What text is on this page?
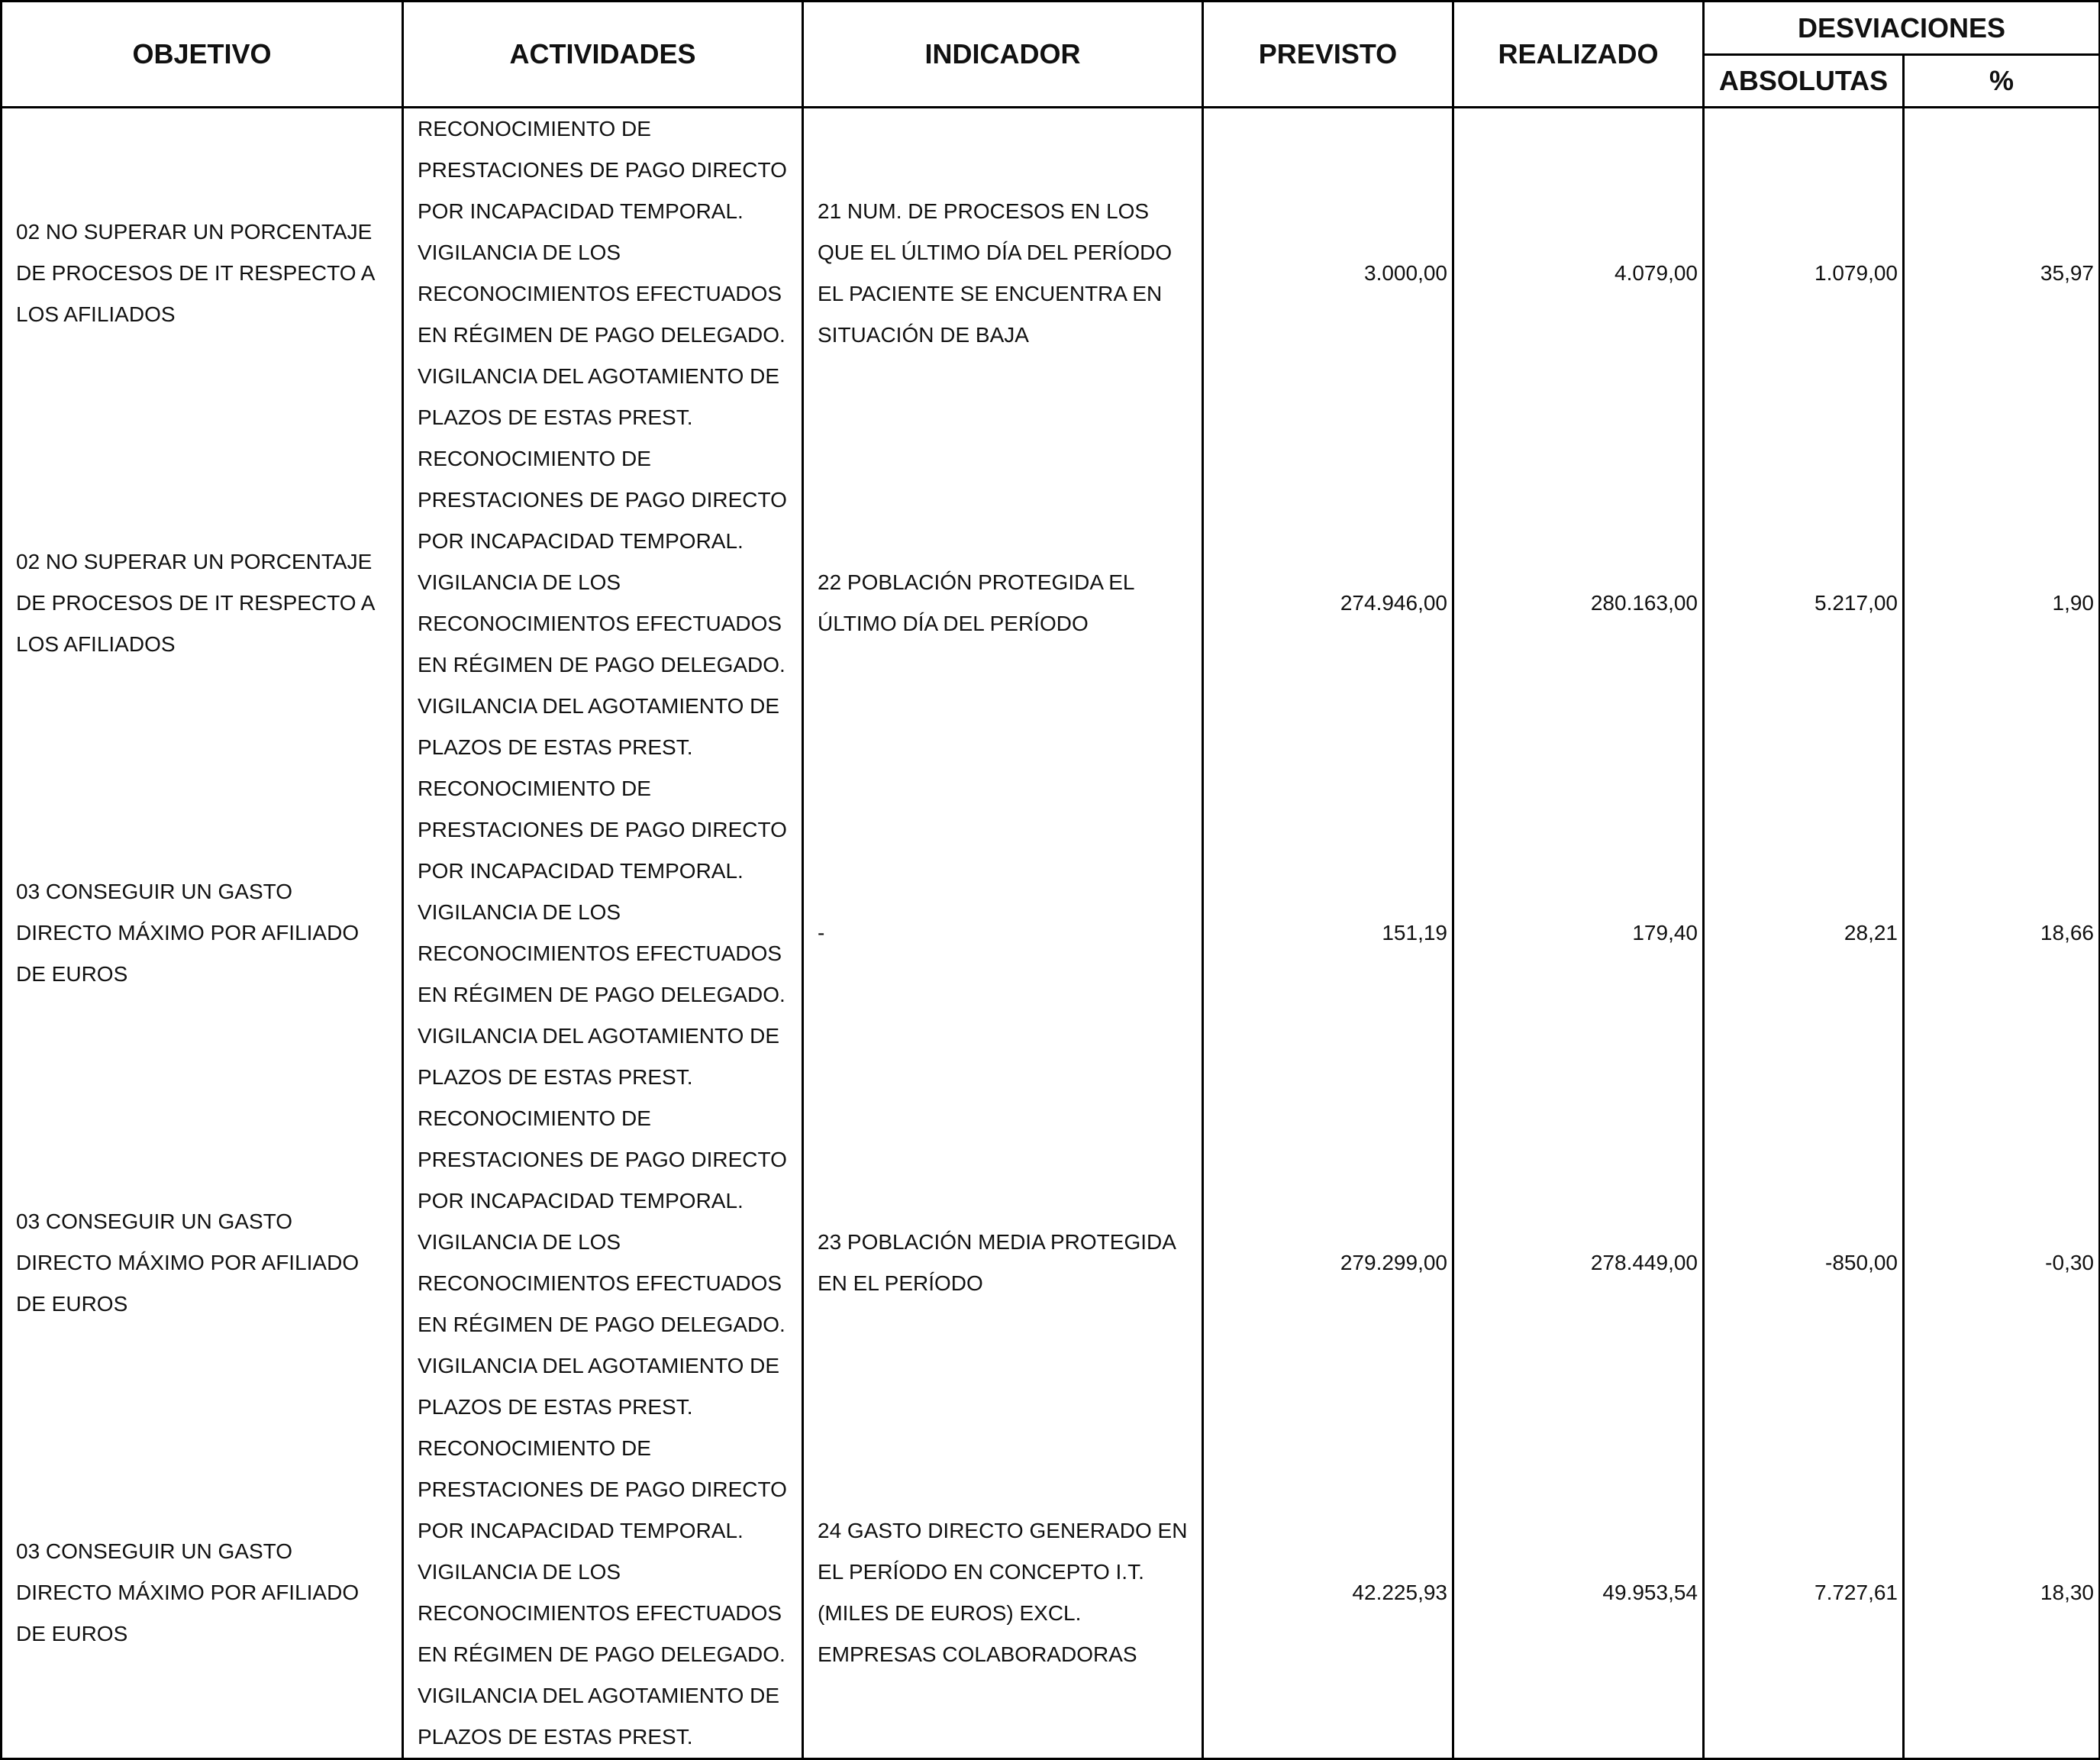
OBJETIVO	ACTIVIDADES	INDICADOR	PREVISTO	REALIZADO	DESVIACIONES	
					ABSOLUTAS	%
02 NO SUPERAR UN PORCENTAJE DE PROCESOS DE IT RESPECTO A LOS AFILIADOS	RECONOCIMIENTO DE PRESTACIONES DE PAGO DIRECTO POR INCAPACIDAD TEMPORAL. VIGILANCIA DE LOS RECONOCIMIENTOS EFECTUADOS EN RÉGIMEN DE PAGO DELEGADO. VIGILANCIA DEL AGOTAMIENTO DE PLAZOS DE ESTAS PREST.	21 NUM. DE PROCESOS EN LOS QUE EL ÚLTIMO DÍA DEL PERÍODO EL PACIENTE SE ENCUENTRA EN SITUACIÓN DE BAJA	3.000,00	4.079,00	1.079,00	35,97
02 NO SUPERAR UN PORCENTAJE DE PROCESOS DE IT RESPECTO A LOS AFILIADOS	RECONOCIMIENTO DE PRESTACIONES DE PAGO DIRECTO POR INCAPACIDAD TEMPORAL. VIGILANCIA DE LOS RECONOCIMIENTOS EFECTUADOS EN RÉGIMEN DE PAGO DELEGADO. VIGILANCIA DEL AGOTAMIENTO DE PLAZOS DE ESTAS PREST.	22 POBLACIÓN PROTEGIDA EL ÚLTIMO DÍA DEL PERÍODO	274.946,00	280.163,00	5.217,00	1,90
03 CONSEGUIR UN GASTO DIRECTO MÁXIMO POR AFILIADO DE EUROS	RECONOCIMIENTO DE PRESTACIONES DE PAGO DIRECTO POR INCAPACIDAD TEMPORAL. VIGILANCIA DE LOS RECONOCIMIENTOS EFECTUADOS EN RÉGIMEN DE PAGO DELEGADO. VIGILANCIA DEL AGOTAMIENTO DE PLAZOS DE ESTAS PREST.	-	151,19	179,40	28,21	18,66
03 CONSEGUIR UN GASTO DIRECTO MÁXIMO POR AFILIADO DE EUROS	RECONOCIMIENTO DE PRESTACIONES DE PAGO DIRECTO POR INCAPACIDAD TEMPORAL. VIGILANCIA DE LOS RECONOCIMIENTOS EFECTUADOS EN RÉGIMEN DE PAGO DELEGADO. VIGILANCIA DEL AGOTAMIENTO DE PLAZOS DE ESTAS PREST.	23 POBLACIÓN MEDIA PROTEGIDA EN EL PERÍODO	279.299,00	278.449,00	-850,00	-0,30
03 CONSEGUIR UN GASTO DIRECTO MÁXIMO POR AFILIADO DE EUROS	RECONOCIMIENTO DE PRESTACIONES DE PAGO DIRECTO POR INCAPACIDAD TEMPORAL. VIGILANCIA DE LOS RECONOCIMIENTOS EFECTUADOS EN RÉGIMEN DE PAGO DELEGADO. VIGILANCIA DEL AGOTAMIENTO DE PLAZOS DE ESTAS PREST.	24 GASTO DIRECTO GENERADO EN EL PERÍODO EN CONCEPTO I.T.(MILES DE EUROS) EXCL. EMPRESAS COLABORADORAS	42.225,93	49.953,54	7.727,61	18,30
